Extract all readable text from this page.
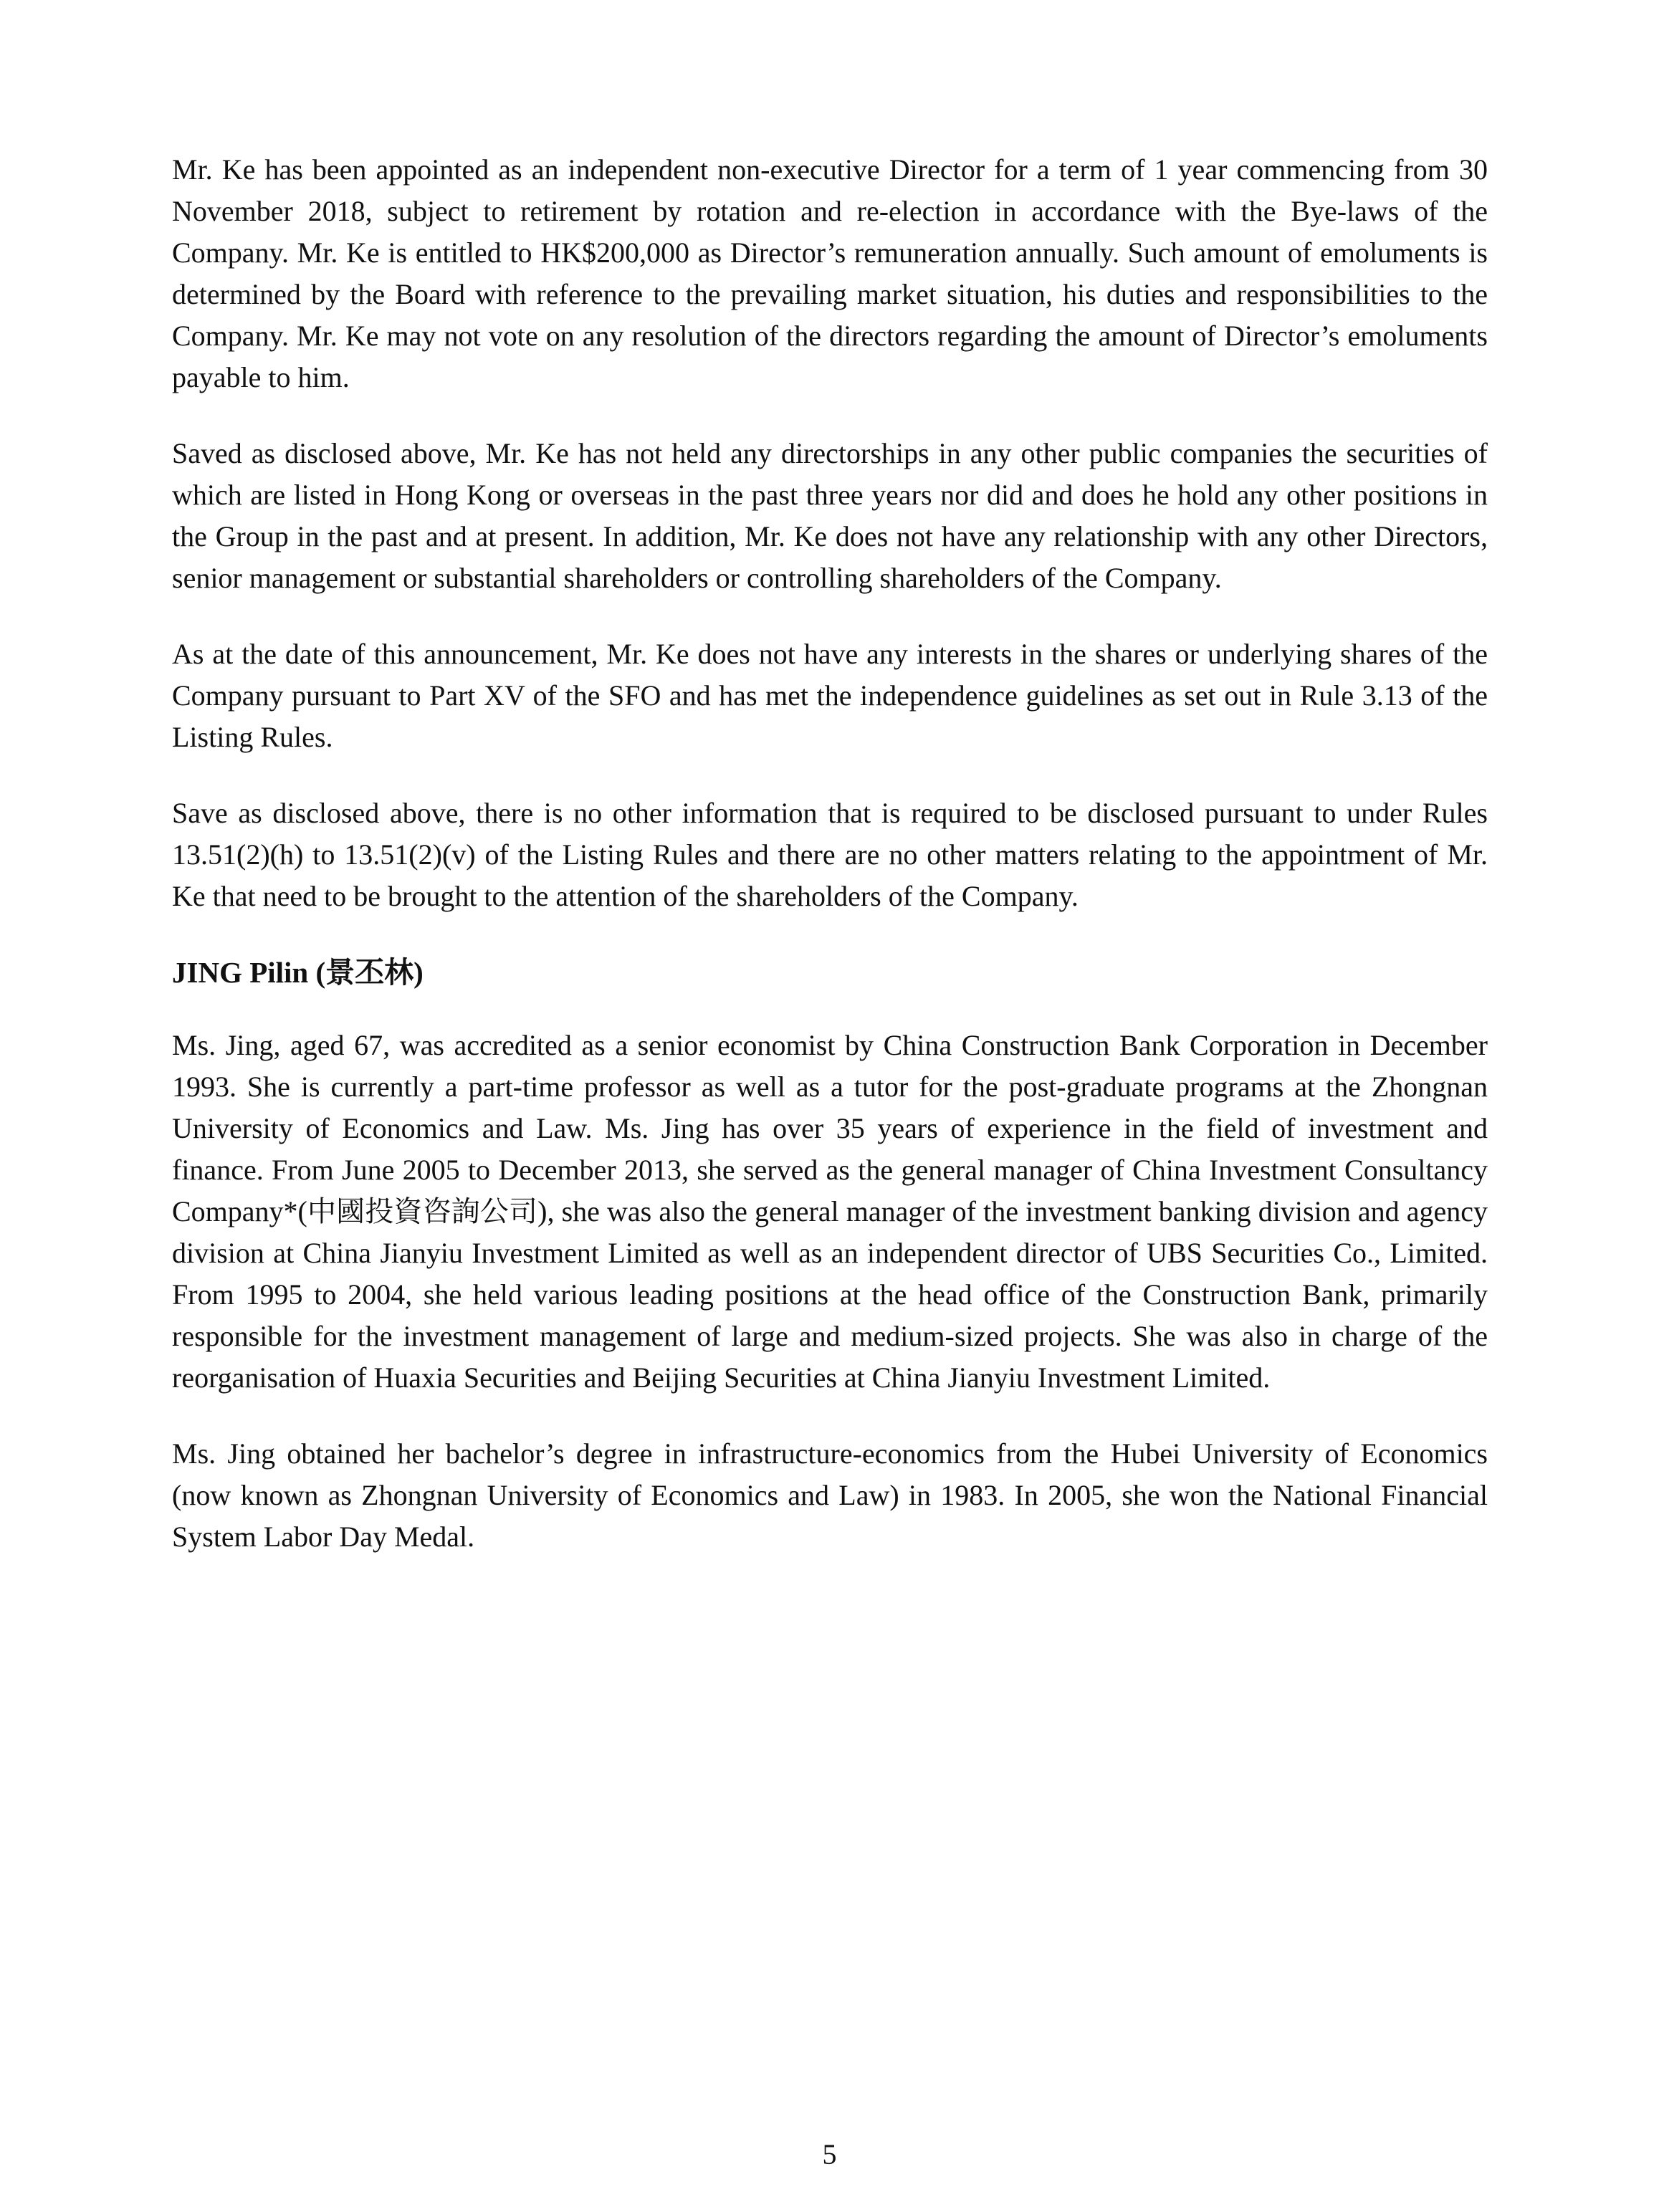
Mr. Ke has been appointed as an independent non-executive Director for a term of 1 year commencing from 30 November 2018, subject to retirement by rotation and re-election in accordance with the Bye-laws of the Company. Mr. Ke is entitled to HK$200,000 as Director’s remuneration annually. Such amount of emoluments is determined by the Board with reference to the prevailing market situation, his duties and responsibilities to the Company. Mr. Ke may not vote on any resolution of the directors regarding the amount of Director’s emoluments payable to him.

Saved as disclosed above, Mr. Ke has not held any directorships in any other public companies the securities of which are listed in Hong Kong or overseas in the past three years nor did and does he hold any other positions in the Group in the past and at present. In addition, Mr. Ke does not have any relationship with any other Directors, senior management or substantial shareholders or controlling shareholders of the Company.

As at the date of this announcement, Mr. Ke does not have any interests in the shares or underlying shares of the Company pursuant to Part XV of the SFO and has met the independence guidelines as set out in Rule 3.13 of the Listing Rules.

Save as disclosed above, there is no other information that is required to be disclosed pursuant to under Rules 13.51(2)(h) to 13.51(2)(v) of the Listing Rules and there are no other matters relating to the appointment of Mr. Ke that need to be brought to the attention of the shareholders of the Company.

JING Pilin (景丕林)

Ms. Jing, aged 67, was accredited as a senior economist by China Construction Bank Corporation in December 1993. She is currently a part-time professor as well as a tutor for the post-graduate programs at the Zhongnan University of Economics and Law. Ms. Jing has over 35 years of experience in the field of investment and finance. From June 2005 to December 2013, she served as the general manager of China Investment Consultancy Company*(中國投資咨詢公司), she was also the general manager of the investment banking division and agency division at China Jianyiu Investment Limited as well as an independent director of UBS Securities Co., Limited. From 1995 to 2004, she held various leading positions at the head office of the Construction Bank, primarily responsible for the investment management of large and medium-sized projects. She was also in charge of the reorganisation of Huaxia Securities and Beijing Securities at China Jianyiu Investment Limited.

Ms. Jing obtained her bachelor’s degree in infrastructure-economics from the Hubei University of Economics (now known as Zhongnan University of Economics and Law) in 1983. In 2005, she won the National Financial System Labor Day Medal.

5
